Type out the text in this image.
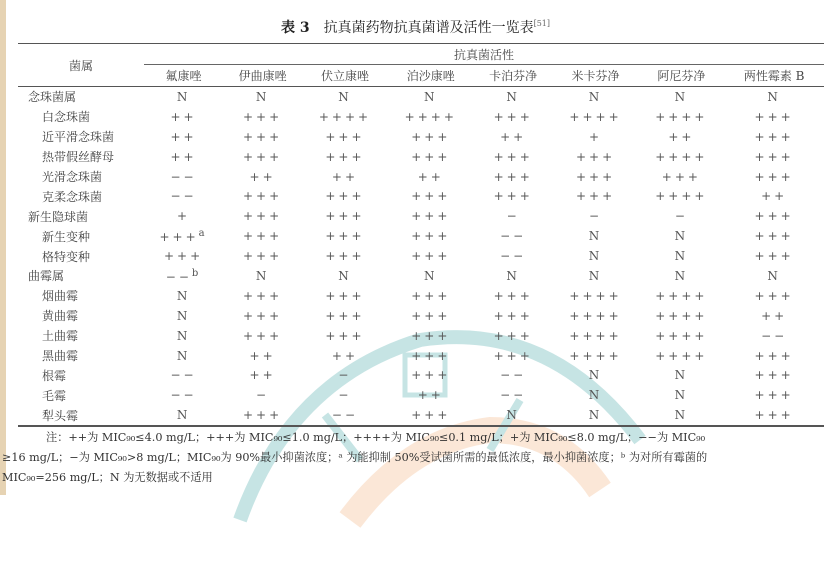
表 3 抗真菌药物抗真菌谱及活性一览表[51]
菌属	抗真菌活性							
	氟康唑	伊曲康唑	伏立康唑	泊沙康唑	卡泊芬净	米卡芬净	阿尼芬净	两性霉素 B
念珠菌属	N	N	N	N	N	N	N	N
白念珠菌	++	+++	++++	++++	+++	++++	++++	+++
近平滑念珠菌	++	+++	+++	+++	++	+	++	+++
热带假丝酵母	++	+++	+++	+++	+++	+++	++++	+++
光滑念珠菌	−−	++	++	++	+++	+++	+++	+++
克柔念珠菌	−−	+++	+++	+++	+++	+++	++++	++
新生隐球菌	+	+++	+++	+++	−	−	−	+++
新生变种	+++$^a$	+++	+++	+++	−−	N	N	+++
格特变种	+++	+++	+++	+++	−−	N	N	+++
曲霉属	−−$^b$	N	N	N	N	N	N	N
烟曲霉	N	+++	+++	+++	+++	++++	++++	+++
黄曲霉	N	+++	+++	+++	+++	++++	++++	++
土曲霉	N	+++	+++	+++	+++	++++	++++	−−
黑曲霉	N	++	++	+++	+++	++++	++++	+++
根霉	−−	++	−	+++	−−	N	N	+++
毛霉	−−	−	−	++	−−	N	N	+++
犁头霉	N	+++	−−	+++	N	N	N	+++
注：++为 MIC₉₀≤4.0 mg/L；+++为 MIC₉₀≤1.0 mg/L；++++为 MIC₉₀≤0.1 mg/L；+为 MIC₉₀≤8.0 mg/L；−−为 MIC₉₀
≥16 mg/L；−为 MIC₉₀>8 mg/L；MIC₉₀为 90%最小抑菌浓度；ᵃ 为能抑制 50%受试菌所需的最低浓度，最小抑菌浓度；ᵇ 为对所有霉菌的
MIC₉₀=256 mg/L；N 为无数据或不适用
